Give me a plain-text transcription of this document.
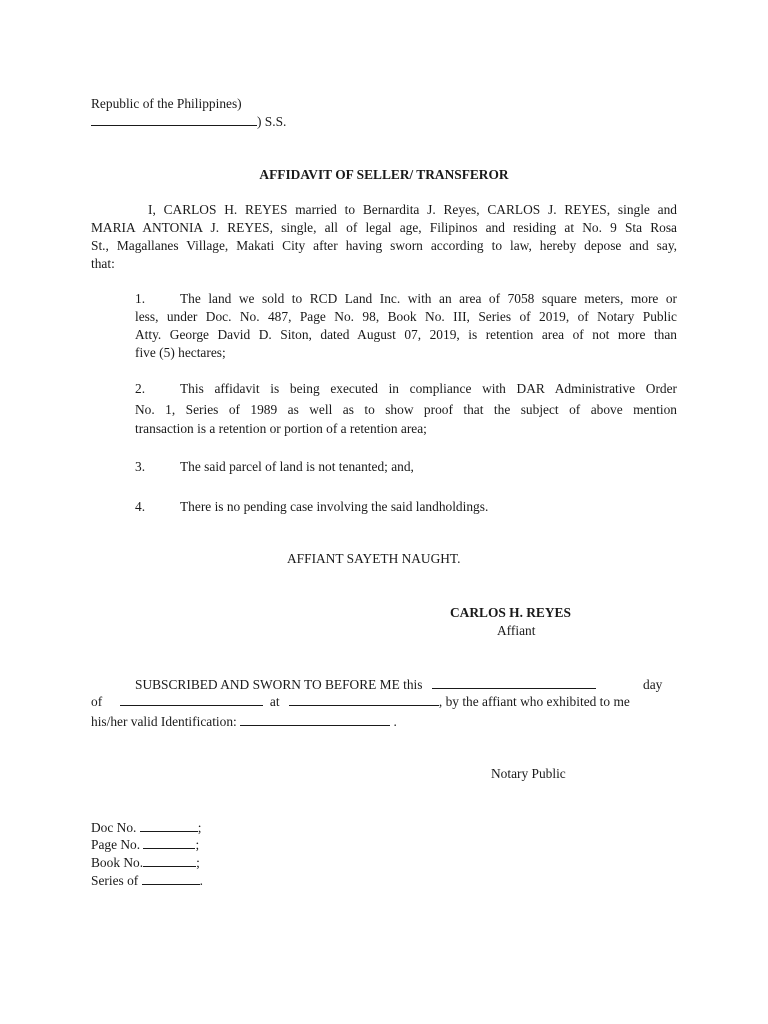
Republic of the Philippines)
) S.S.
AFFIDAVIT OF SELLER/ TRANSFEROR
I, CARLOS H. REYES married to Bernardita J. Reyes, CARLOS J. REYES, single and
MARIA ANTONIA J. REYES, single, all of legal age, Filipinos and residing at No. 9 Sta Rosa
St., Magallanes Village, Makati City after having sworn according to law, hereby depose and say,
that:
1.	The land we sold to RCD Land Inc. with an area of 7058 square meters, more or
less, under Doc. No. 487, Page No. 98, Book No. III, Series of 2019, of Notary Public
Atty. George David D. Siton, dated August 07, 2019, is retention area of not more than
five (5) hectares;
2.	This affidavit is being executed in compliance with DAR Administrative Order
No. 1, Series of 1989 as well as to show proof that the subject of above mention
transaction is a retention or portion of a retention area;
3.	The said parcel of land is not tenanted; and,
4.	There is no pending case involving the said landholdings.
AFFIANT SAYETH NAUGHT.
CARLOS H. REYES
Affiant
SUBSCRIBED AND SWORN TO BEFORE ME this	day
of	at	, by the affiant who exhibited to me
his/her valid Identification:	.
Notary Public
Doc No.	;
Page No.	;
Book No.	;
Series of	.
